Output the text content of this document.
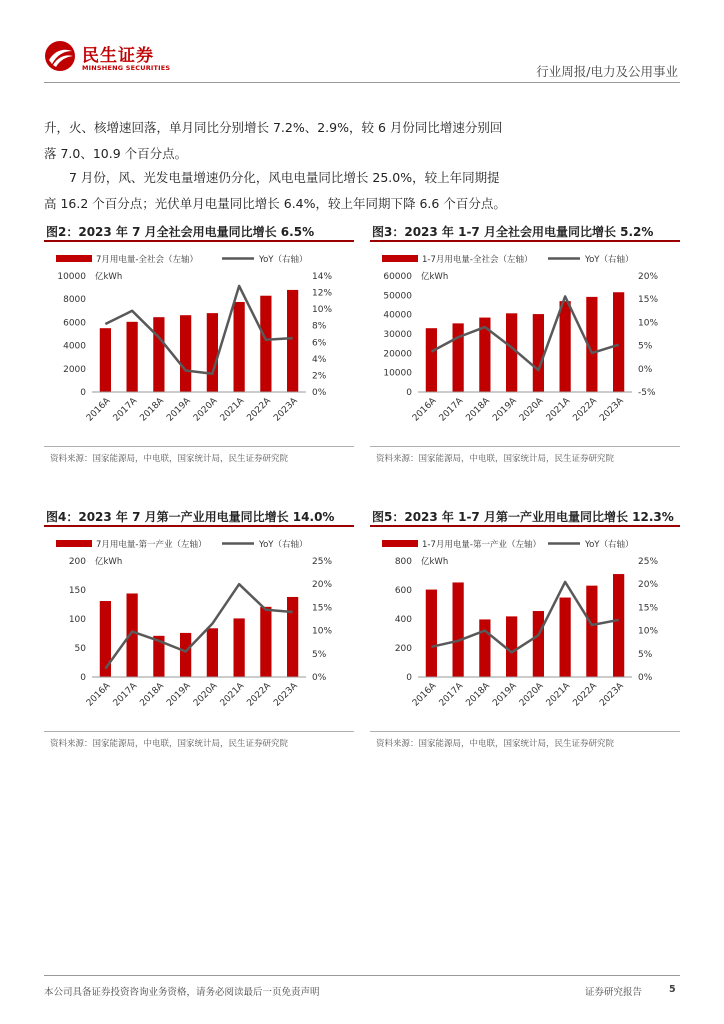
民生证券
MINSHENG SECURITIES	行业周报/电力及公用事业
升，火、核增速回落，单月同比分别增长 7.2%、2.9%，较 6 月份同比增速分别回
落 7.0、10.9 个百分点。
7 月份，风、光发电量增速仍分化，风电电量同比增长 25.0%，较上年同期提
高 16.2 个百分点；光伏单月电量同比增长 6.4%，较上年同期下降 6.6 个百分点。
图2：2023 年 7 月全社会用电量同比增长 6.5%
7月用电量-全社会（左轴）	YoY（右轴）
亿kWh
0
2000
4000
6000
8000
10000
0%
2%
4%
6%
8%
10%
12%
14%
2016A 2017A 2018A 2019A 2020A 2021A 2022A 2023A
资料来源：国家能源局，中电联，国家统计局，民生证券研究院
图3：2023 年 1-7 月全社会用电量同比增长 5.2%
1-7月用电量-全社会（左轴）	YoY（右轴）
亿kWh
0
10000
20000
30000
40000
50000
60000
-5%
0%
5%
10%
15%
20%
2016A 2017A 2018A 2019A 2020A 2021A 2022A 2023A
资料来源：国家能源局，中电联，国家统计局，民生证券研究院
图4：2023 年 7 月第一产业用电量同比增长 14.0%
7月用电量-第一产业（左轴）	YoY（右轴）
亿kWh
0
50
100
150
200
0%
5%
10%
15%
20%
25%
2016A 2017A 2018A 2019A 2020A 2021A 2022A 2023A
资料来源：国家能源局，中电联，国家统计局，民生证券研究院
图5：2023 年 1-7 月第一产业用电量同比增长 12.3%
1-7月用电量-第一产业（左轴）	YoY（右轴）
亿kWh
0
200
400
600
800
0%
5%
10%
15%
20%
25%
2016A 2017A 2018A 2019A 2020A 2021A 2022A 2023A
资料来源：国家能源局，中电联，国家统计局，民生证券研究院
本公司具备证券投资咨询业务资格，请务必阅读最后一页免责声明	证券研究报告	5
